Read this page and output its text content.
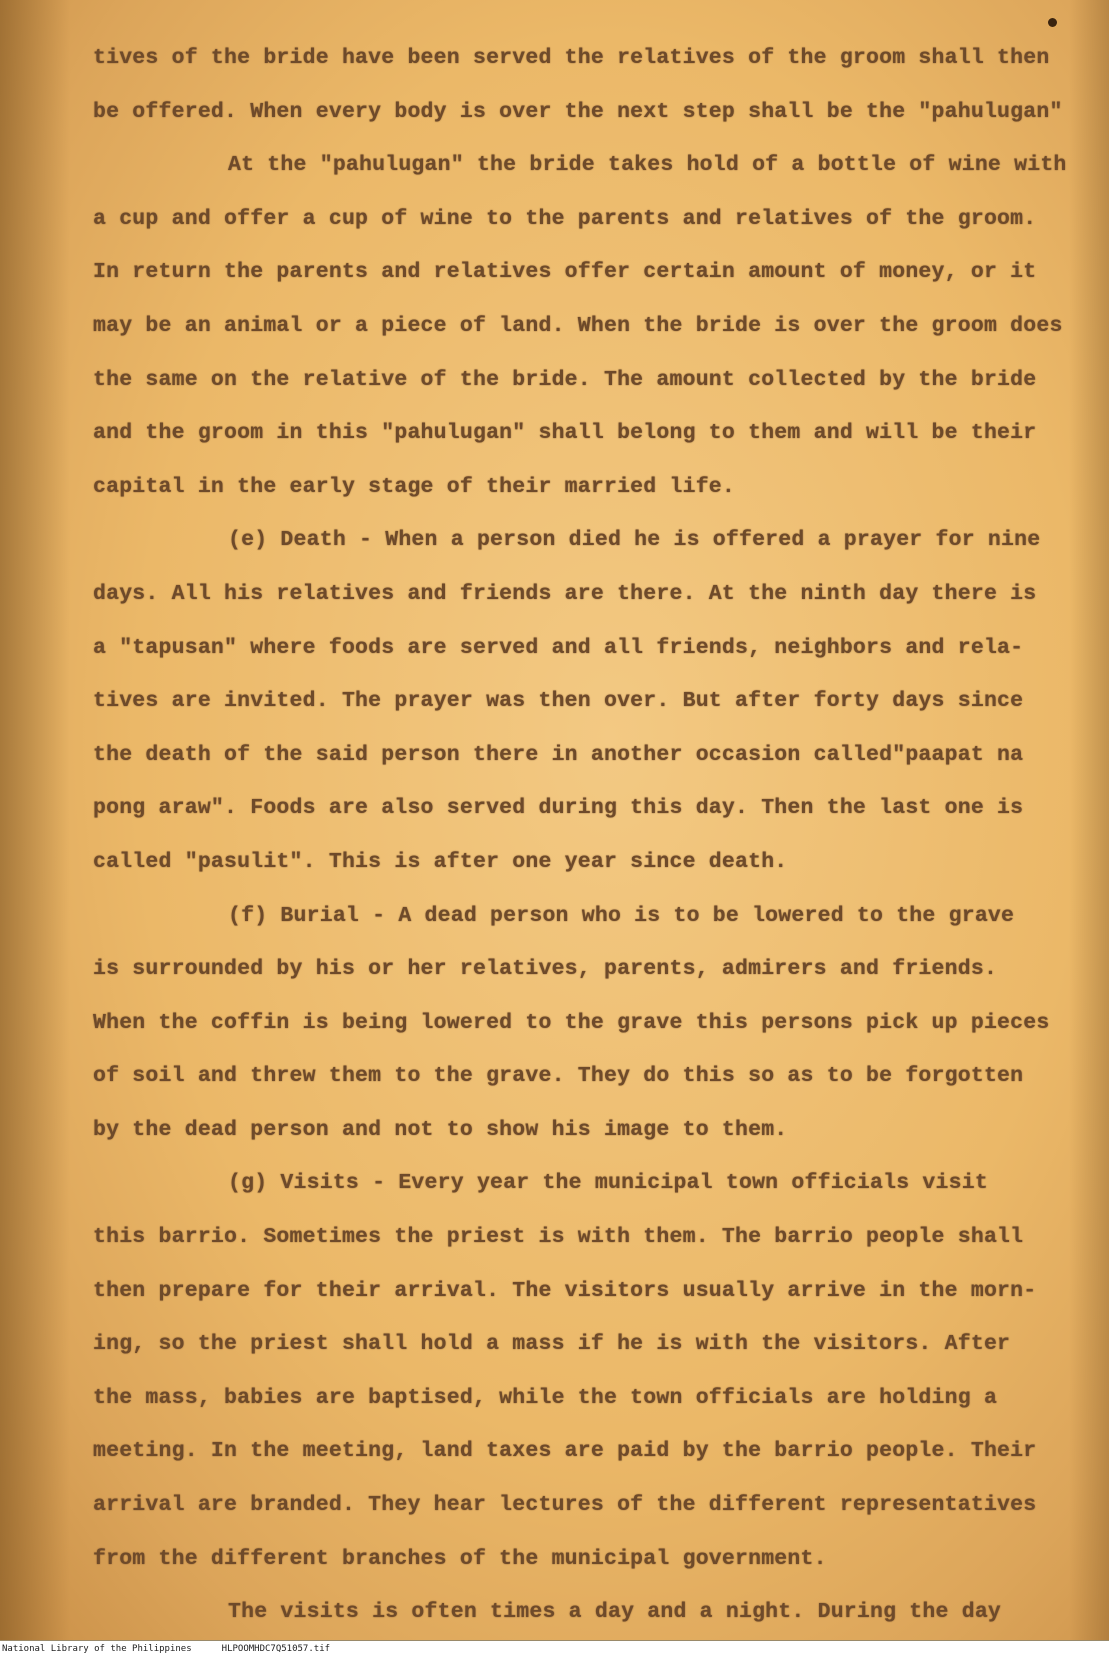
tives of the bride have been served the relatives of the groom shall then
be offered. When every body is over the next step shall be the "pahulugan"
At the "pahulugan" the bride takes hold of a bottle of wine with
a cup and offer a cup of wine to the parents and relatives of the groom.
In return the parents and relatives offer certain amount of money, or it
may be an animal or a piece of land. When the bride is over the groom does
the same on the relative of the bride. The amount collected by the bride
and the groom in this "pahulugan" shall belong to them and will be their
capital in the early stage of their married life.
(e) Death - When a person died he is offered a prayer for nine
days. All his relatives and friends are there. At the ninth day there is
a "tapusan" where foods are served and all friends, neighbors and rela-
tives are invited. The prayer was then over. But after forty days since
the death of the said person there in another occasion called"paapat na
pong araw". Foods are also served during this day. Then the last one is
called "pasulit". This is after one year since death.
(f) Burial - A dead person who is to be lowered to the grave
is surrounded by his or her relatives, parents, admirers and friends.
When the coffin is being lowered to the grave this persons pick up pieces
of soil and threw them to the grave. They do this so as to be forgotten
by the dead person and not to show his image to them.
(g) Visits - Every year the municipal town officials visit
this barrio. Sometimes the priest is with them. The barrio people shall
then prepare for their arrival. The visitors usually arrive in the morn-
ing, so the priest shall hold a mass if he is with the visitors. After
the mass, babies are baptised, while the town officials are holding a
meeting. In the meeting, land taxes are paid by the barrio people. Their
arrival are branded. They hear lectures of the different representatives
from the different branches of the municipal government.
The visits is often times a day and a night. During the day
National Library of the Philippines	HLPOOMHDC7Q51057.tif
